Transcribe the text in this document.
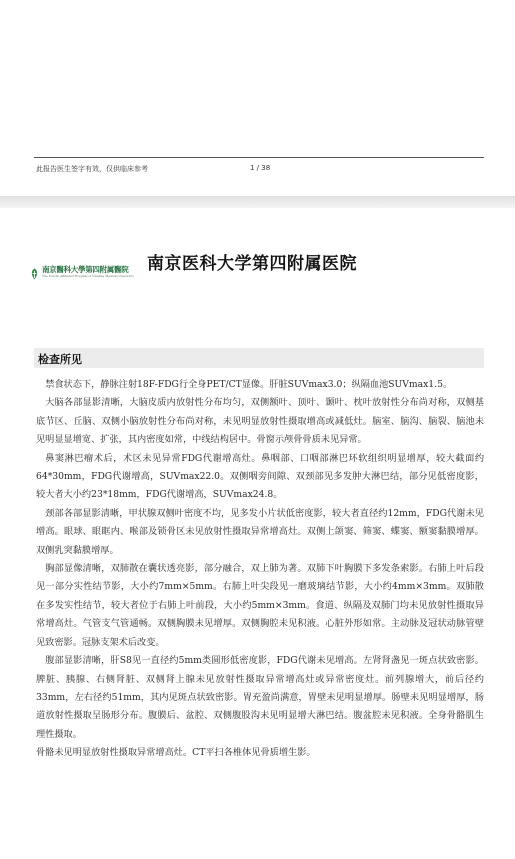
此报告医生签字有效，仅供临床参考	1 / 38
南京醫科大學第四附属醫院
The Fourth Affiliated Hospital of Nanjing Medical University
南京医科大学第四附属医院
检查所见

禁食状态下，静脉注射18F-FDG行全身PET/CT显像。肝脏SUVmax3.0；纵隔血池SUVmax1.5。

大脑各部显影清晰，大脑皮质内放射性分布均匀，双侧额叶、顶叶、颞叶、枕叶放射性分布尚对称，双侧基底节区、丘脑、双侧小脑放射性分布尚对称，未见明显放射性摄取增高或减低灶。脑室、脑沟、脑裂、脑池未见明显显增宽、扩张，其内密度如常，中线结构居中。骨窗示颅骨骨质未见异常。

鼻窦淋巴瘤术后，术区未见异常FDG代谢增高灶。鼻咽部、口咽部淋巴环软组织明显增厚，较大截面约64*30mm，FDG代谢增高，SUVmax22.0。双侧咽旁间隙、双颈部见多发肿大淋巴结，部分见低密度影，较大者大小约23*18mm，FDG代谢增高，SUVmax24.8。

颈部各部显影清晰，甲状腺双侧叶密度不均，见多发小片状低密度影，较大者直径约12mm，FDG代谢未见增高。眼球、眼眶内、喉部及锁骨区未见放射性摄取异常增高灶。双侧上颌窦、筛窦、蝶窦、额窦黏膜增厚。双侧乳突黏膜增厚。

胸部显像清晰，双肺散在囊状透亮影，部分融合，双上肺为著。双肺下叶胸膜下多发条索影。右肺上叶后段见一部分实性结节影，大小约7mm×5mm。右肺上叶尖段见一磨玻璃结节影，大小约4mm×3mm。双肺散在多发实性结节，较大者位于右肺上叶前段，大小约5mm×3mm。食道、纵隔及双肺门均未见放射性摄取异常增高灶。气管支气管通畅。双侧胸膜未见增厚。双侧胸腔未见积液。心脏外形如常。主动脉及冠状动脉管壁见致密影。冠脉支架术后改变。

腹部显影清晰，肝S8见一直径约5mm类圆形低密度影，FDG代谢未见增高。左肾肾盏见一斑点状致密影。脾脏、胰腺、右侧肾脏、双侧肾上腺未见放射性摄取异常增高灶或异常密度灶。前列腺增大，前后径约33mm，左右径约51mm，其内见斑点状致密影。胃充盈尚满意，胃壁未见明显增厚。肠壁未见明显增厚，肠道放射性摄取呈肠形分布。腹膜后、盆腔、双侧腹股沟未见明显增大淋巴结。腹盆腔未见积液。全身骨骼肌生理性摄取。

骨骼未见明显放射性摄取异常增高灶。CT平扫各椎体见骨质增生影。
